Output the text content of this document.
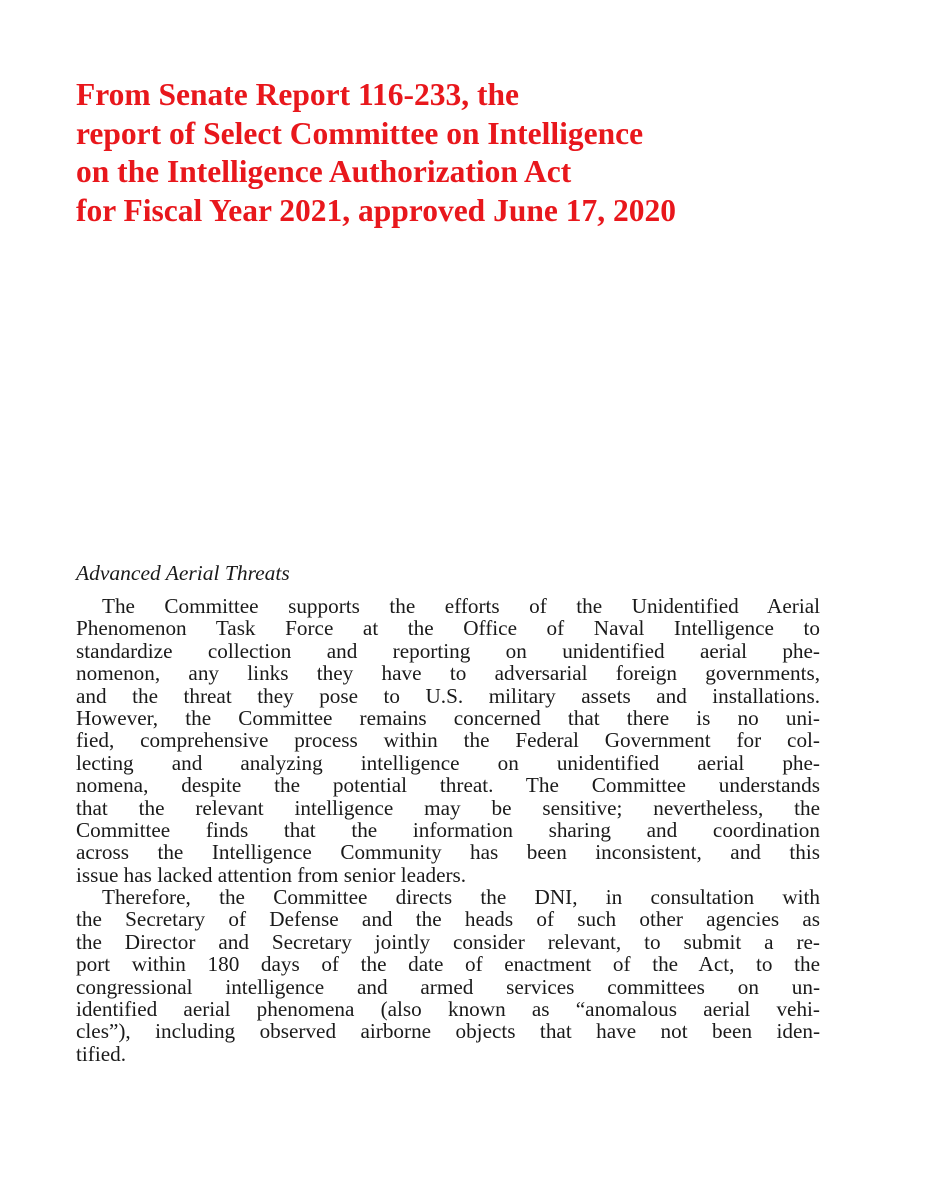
From Senate Report 116-233, the
report of Select Committee on Intelligence
on the Intelligence Authorization Act
for Fiscal Year 2021, approved June 17, 2020
Advanced Aerial Threats
The Committee supports the efforts of the Unidentified Aerial
Phenomenon Task Force at the Office of Naval Intelligence to
standardize collection and reporting on unidentified aerial phe-
nomenon, any links they have to adversarial foreign governments,
and the threat they pose to U.S. military assets and installations.
However, the Committee remains concerned that there is no uni-
fied, comprehensive process within the Federal Government for col-
lecting and analyzing intelligence on unidentified aerial phe-
nomena, despite the potential threat. The Committee understands
that the relevant intelligence may be sensitive; nevertheless, the
Committee finds that the information sharing and coordination
across the Intelligence Community has been inconsistent, and this
issue has lacked attention from senior leaders.
Therefore, the Committee directs the DNI, in consultation with
the Secretary of Defense and the heads of such other agencies as
the Director and Secretary jointly consider relevant, to submit a re-
port within 180 days of the date of enactment of the Act, to the
congressional intelligence and armed services committees on un-
identified aerial phenomena (also known as “anomalous aerial vehi-
cles”), including observed airborne objects that have not been iden-
tified.
